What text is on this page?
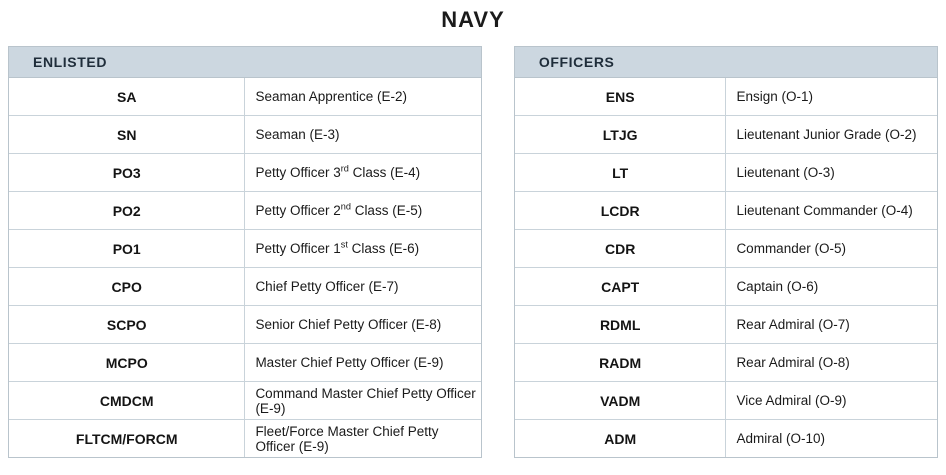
NAVY
ENLISTED	
SA	Seaman Apprentice (E-2)
SN	Seaman (E-3)
PO3	Petty Officer 3rd Class (E-4)
PO2	Petty Officer 2nd Class (E-5)
PO1	Petty Officer 1st Class (E-6)
CPO	Chief Petty Officer (E-7)
SCPO	Senior Chief Petty Officer (E-8)
MCPO	Master Chief Petty Officer (E-9)
CMDCM	Command Master Chief Petty Officer (E-9)
FLTCM/FORCM	Fleet/Force Master Chief Petty Officer (E-9)
OFFICERS	
ENS	Ensign (O-1)
LTJG	Lieutenant Junior Grade (O-2)
LT	Lieutenant (O-3)
LCDR	Lieutenant Commander (O-4)
CDR	Commander (O-5)
CAPT	Captain (O-6)
RDML	Rear Admiral (O-7)
RADM	Rear Admiral (O-8)
VADM	Vice Admiral (O-9)
ADM	Admiral (O-10)
